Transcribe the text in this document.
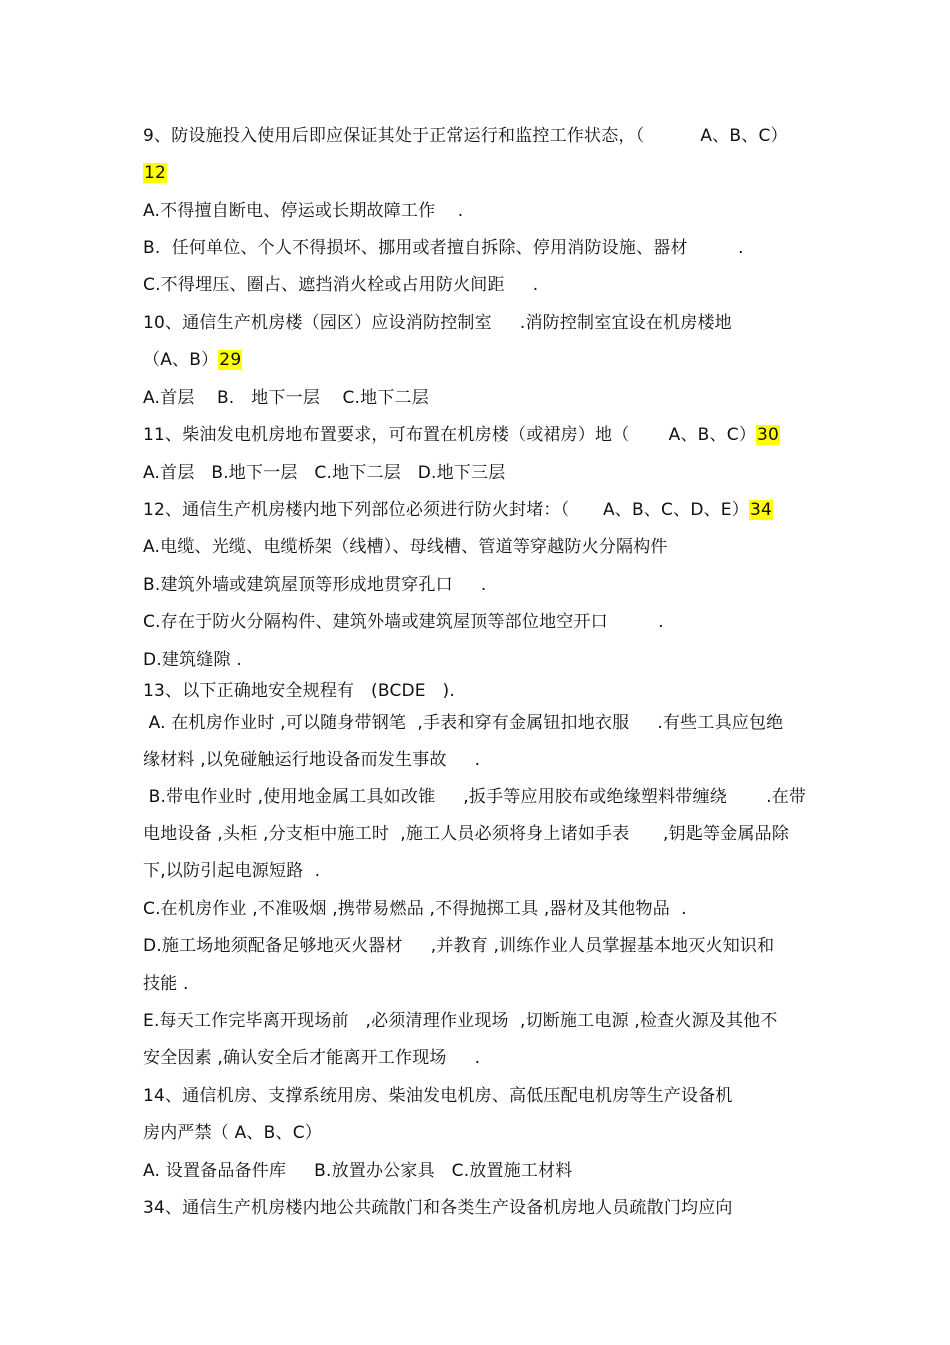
9、防设施投入使用后即应保证其处于正常运行和监控工作状态，（          A、B、C）
12
A.不得擅自断电、停运或长期故障工作    .
B.  任何单位、个人不得损坏、挪用或者擅自拆除、停用消防设施、器材         .
C.不得埋压、圈占、遮挡消火栓或占用防火间距     .
10、通信生产机房楼（园区）应设消防控制室     .消防控制室宜设在机房楼地
（A、B）29
A.首层    B.   地下一层    C.地下二层
11、柴油发电机房地布置要求，可布置在机房楼（或裙房）地（       A、B、C）30
A.首层   B.地下一层   C.地下二层   D.地下三层
12、通信生产机房楼内地下列部位必须进行防火封堵：（      A、B、C、D、E）34
A.电缆、光缆、电缆桥架（线槽）、母线槽、管道等穿越防火分隔构件
B.建筑外墙或建筑屋顶等形成地贯穿孔口     .
C.存在于防火分隔构件、建筑外墙或建筑屋顶等部位地空开口         .
D.建筑缝隙 .
13、以下正确地安全规程有   (BCDE   ).
A. 在机房作业时 ,可以随身带钢笔  ,手表和穿有金属钮扣地衣服     .有些工具应包绝
缘材料 ,以免碰触运行地设备而发生事故     .
B.带电作业时 ,使用地金属工具如改锥     ,扳手等应用胶布或绝缘塑料带缠绕       .在带
电地设备 ,头柜 ,分支柜中施工时  ,施工人员必须将身上诸如手表      ,钥匙等金属品除
下,以防引起电源短路  .
C.在机房作业 ,不准吸烟 ,携带易燃品 ,不得抛掷工具 ,器材及其他物品  .
D.施工场地须配备足够地灭火器材     ,并教育 ,训练作业人员掌握基本地灭火知识和
技能 .
E.每天工作完毕离开现场前   ,必须清理作业现场  ,切断施工电源 ,检查火源及其他不
安全因素 ,确认安全后才能离开工作现场     .
14、通信机房、支撑系统用房、柴油发电机房、高低压配电机房等生产设备机
房内严禁（ A、B、C）
A. 设置备品备件库     B.放置办公家具   C.放置施工材料
34、通信生产机房楼内地公共疏散门和各类生产设备机房地人员疏散门均应向
